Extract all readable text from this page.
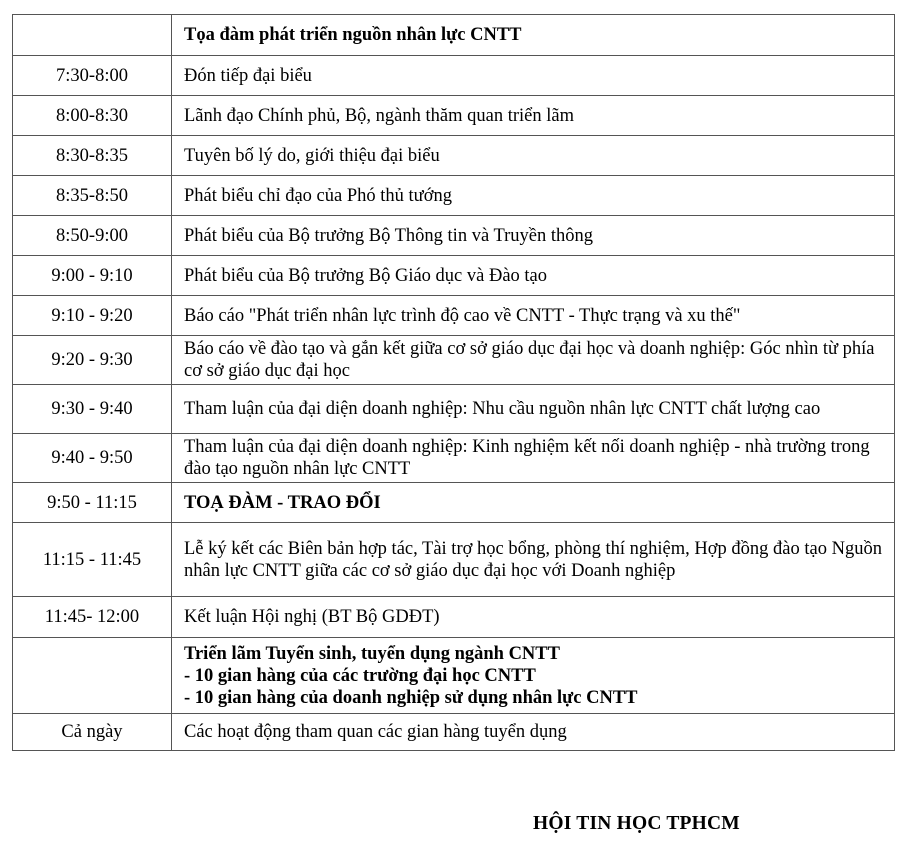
	Tọa đàm phát triển nguồn nhân lực CNTT
7:30-8:00	Đón tiếp đại biểu
8:00-8:30	Lãnh đạo Chính phủ, Bộ, ngành thăm quan triển lãm
8:30-8:35	Tuyên bố lý do, giới thiệu đại biểu
8:35-8:50	Phát biểu chỉ đạo của Phó thủ tướng
8:50-9:00	Phát biểu của Bộ trưởng Bộ Thông tin và Truyền thông
9:00 - 9:10	Phát biểu của Bộ trưởng Bộ Giáo dục và Đào tạo
9:10 - 9:20	Báo cáo "Phát triển nhân lực trình độ cao về CNTT - Thực trạng và xu thế"
9:20 - 9:30	Báo cáo về đào tạo và gắn kết giữa cơ sở giáo dục đại học và doanh nghiệp: Góc nhìn từ phía cơ sở giáo dục đại học
9:30 - 9:40	Tham luận của đại diện doanh nghiệp: Nhu cầu nguồn nhân lực CNTT chất lượng cao
9:40 - 9:50	Tham luận của đại diện doanh nghiệp: Kinh nghiệm kết nối doanh nghiệp - nhà trường trong đào tạo nguồn nhân lực CNTT
9:50 - 11:15	TOẠ ĐÀM - TRAO ĐỔI
11:15 - 11:45	Lễ ký kết các Biên bản hợp tác, Tài trợ học bổng, phòng thí nghiệm, Hợp đồng đào tạo Nguồn nhân lực CNTT giữa các cơ sở giáo dục đại học với Doanh nghiệp
11:45- 12:00	Kết luận Hội nghị (BT Bộ GDĐT)

	Triển lãm Tuyển sinh, tuyển dụng ngành CNTT
- 10 gian hàng của các trường đại học CNTT
- 10 gian hàng của doanh nghiệp sử dụng nhân lực CNTT

Cả ngày	Các hoạt động tham quan các gian hàng tuyển dụng
HỘI TIN HỌC TPHCM
